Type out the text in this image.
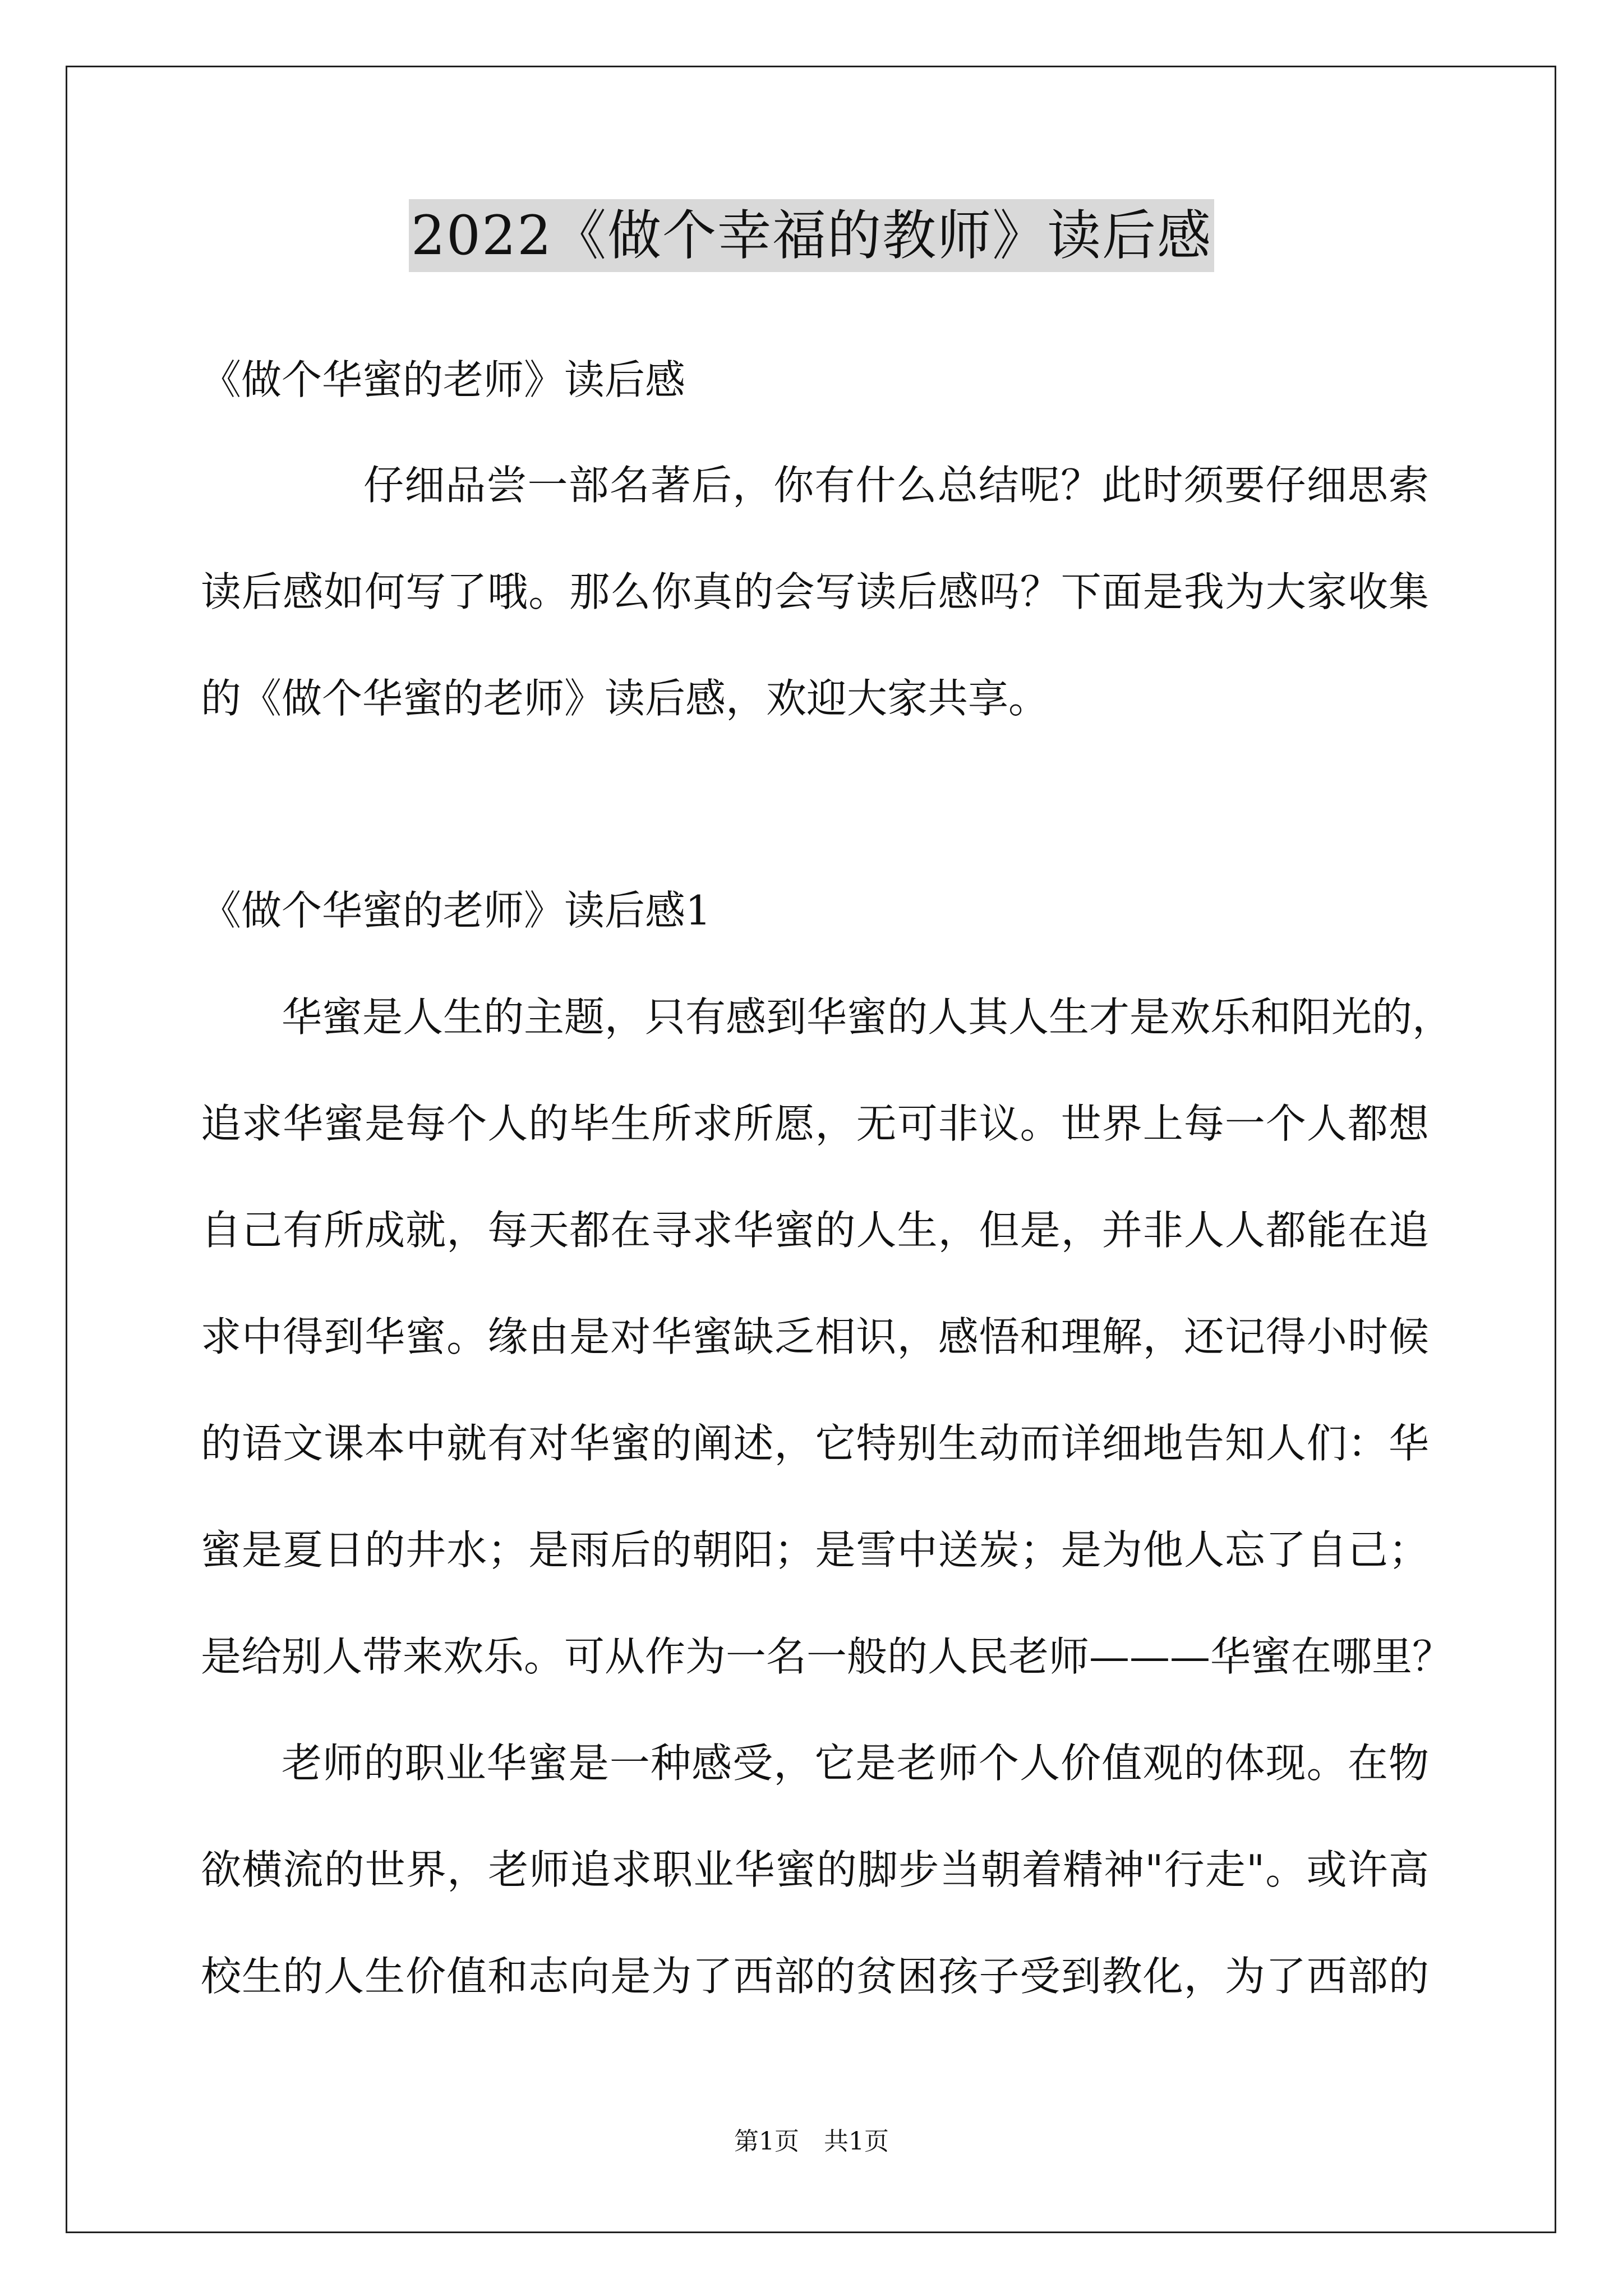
2022《做个幸福的教师》读后感
《做个华蜜的老师》读后感
仔细品尝一部名著后，你有什么总结呢？此时须要仔细思索
读后感如何写了哦。那么你真的会写读后感吗？下面是我为大家收集
的《做个华蜜的老师》读后感，欢迎大家共享。
《做个华蜜的老师》读后感1
华蜜是人生的主题，只有感到华蜜的人其人生才是欢乐和阳光的，
追求华蜜是每个人的毕生所求所愿，无可非议。世界上每一个人都想
自己有所成就，每天都在寻求华蜜的人生，但是，并非人人都能在追
求中得到华蜜。缘由是对华蜜缺乏相识，感悟和理解，还记得小时候
的语文课本中就有对华蜜的阐述，它特别生动而详细地告知人们：华
蜜是夏日的井水；是雨后的朝阳；是雪中送炭；是为他人忘了自己；
是给别人带来欢乐。可从作为一名一般的人民老师———华蜜在哪里？
老师的职业华蜜是一种感受，它是老师个人价值观的体现。在物
欲横流的世界，老师追求职业华蜜的脚步当朝着精神"行走"。或许高
校生的人生价值和志向是为了西部的贫困孩子受到教化，为了西部的
第1页　共1页
